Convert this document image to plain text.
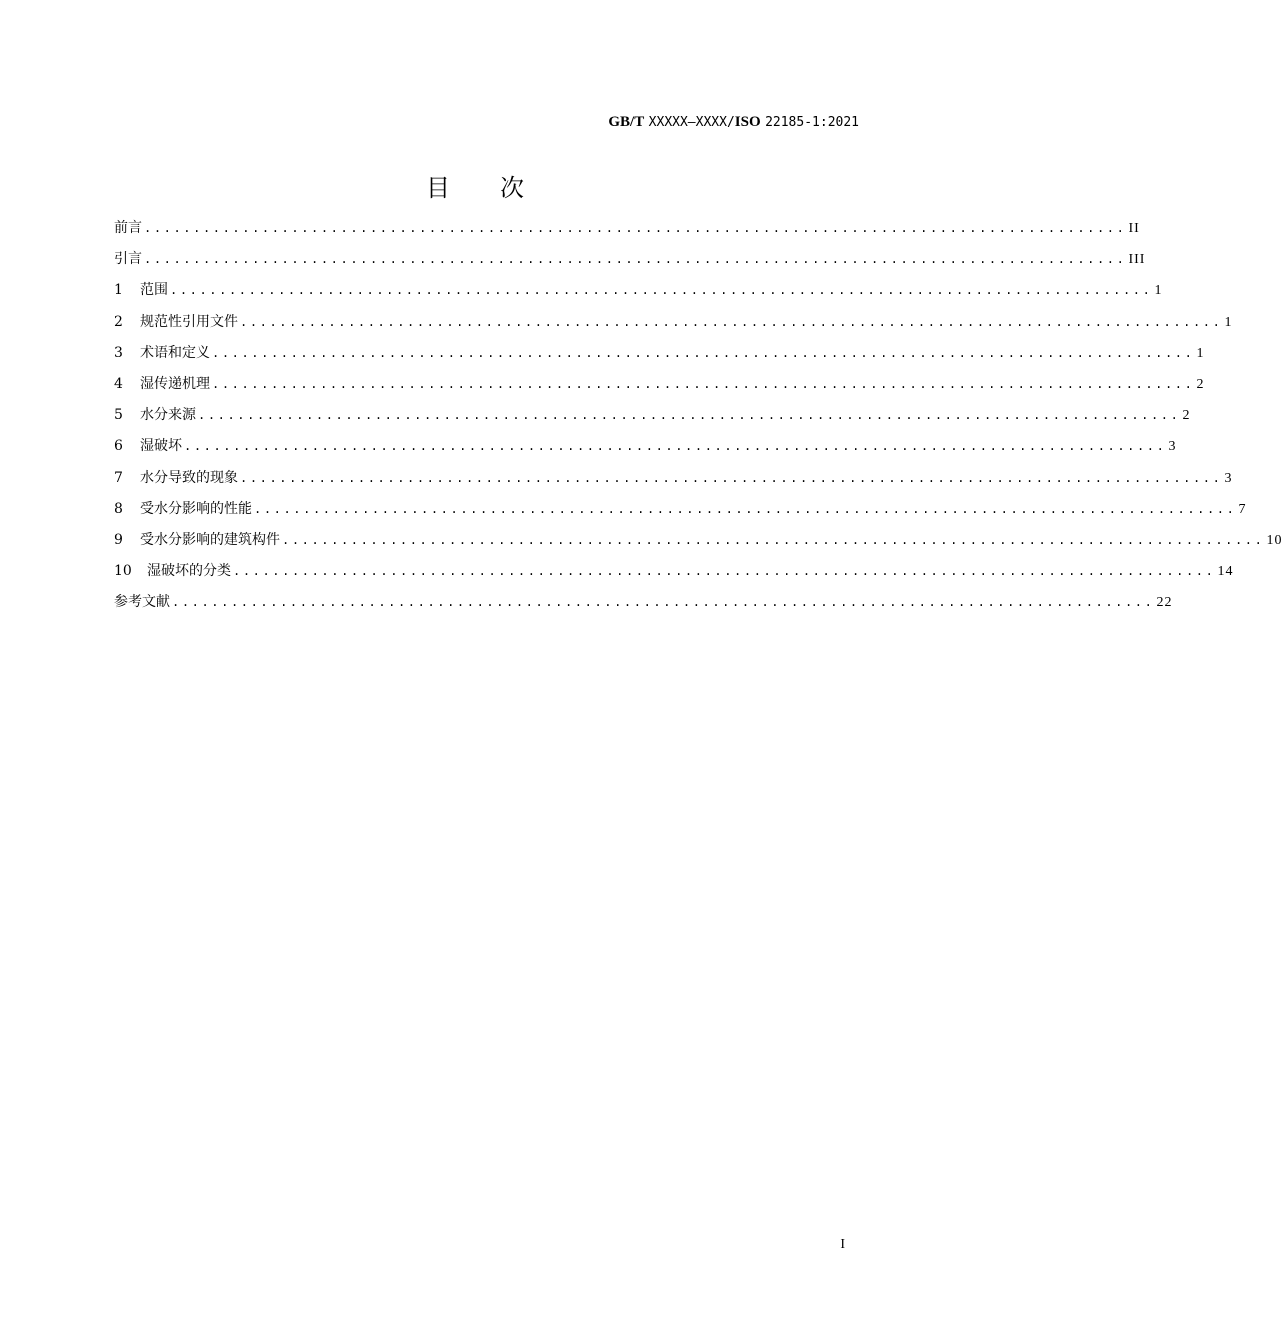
GB/T XXXXX—XXXX/ISO 22185-1:2021
目 次
前言 .................................................................................................... II
引言 .................................................................................................... III
1	范围 .................................................................................................... 1
2	规范性引用文件 .................................................................................................... 1
3	术语和定义 .................................................................................................... 1
4	湿传递机理 .................................................................................................... 2
5	水分来源 .................................................................................................... 2
6	湿破坏 .................................................................................................... 3
7	水分导致的现象 .................................................................................................... 3
8	受水分影响的性能 .................................................................................................... 7
9	受水分影响的建筑构件 .................................................................................................... 10
10	湿破坏的分类 .................................................................................................... 14
参考文献 .................................................................................................... 22
I
